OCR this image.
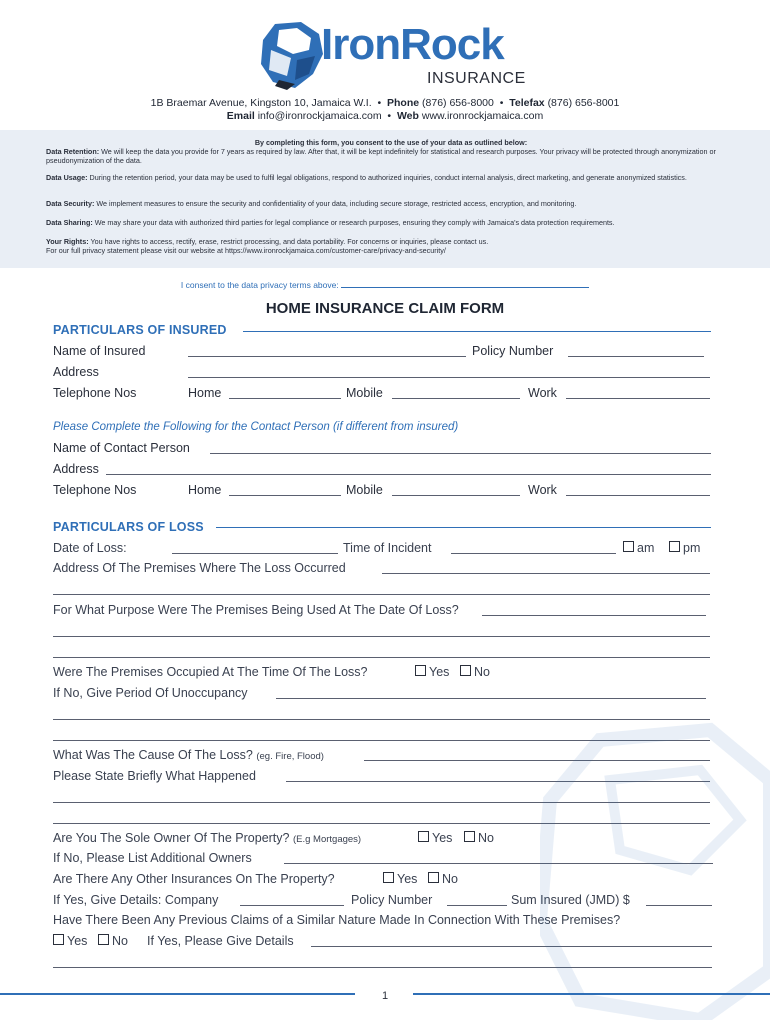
IronRock
INSURANCE
1B Braemar Avenue, Kingston 10, Jamaica W.I. • Phone (876) 656-8000 • Telefax (876) 656-8001
Email info@ironrockjamaica.com • Web www.ironrockjamaica.com
By completing this form, you consent to the use of your data as outlined below:
Data Retention: We will keep the data you provide for 7 years as required by law. After that, it will be kept indefinitely for statistical and research purposes. Your privacy will be protected through anonymization or pseudonymization of the data.
Data Usage: During the retention period, your data may be used to fulfil legal obligations, respond to authorized inquiries, conduct internal analysis, direct marketing, and generate anonymized statistics.
Data Security: We implement measures to ensure the security and confidentiality of your data, including secure storage, restricted access, encryption, and monitoring.
Data Sharing: We may share your data with authorized third parties for legal compliance or research purposes, ensuring they comply with Jamaica's data protection requirements.
Your Rights: You have rights to access, rectify, erase, restrict processing, and data portability. For concerns or inquiries, please contact us.
For our full privacy statement please visit our website at https://www.ironrockjamaica.com/customer-care/privacy-and-security/
I consent to the data privacy terms above:
HOME INSURANCE CLAIM FORM
PARTICULARS OF INSURED
Name of Insured	Policy Number
Address
Telephone Nos	Home	Mobile	Work
Please Complete the Following for the Contact Person (if different from insured)
Name of Contact Person
Address
Telephone Nos	Home	Mobile	Work
PARTICULARS OF LOSS
Date of Loss:	Time of Incident	am pm
Address Of The Premises Where The Loss Occurred
For What Purpose Were The Premises Being Used At The Date Of Loss?
Were The Premises Occupied At The Time Of The Loss?	Yes No
If No, Give Period Of Unoccupancy
What Was The Cause Of The Loss? (eg. Fire, Flood)
Please State Briefly What Happened
Are You The Sole Owner Of The Property? (E.g Mortgages)	Yes No
If No, Please List Additional Owners
Are There Any Other Insurances On The Property?	Yes No
If Yes, Give Details: Company	Policy Number	Sum Insured (JMD) $
Have There Been Any Previous Claims of a Similar Nature Made In Connection With These Premises?
Yes No If Yes, Please Give Details
1
